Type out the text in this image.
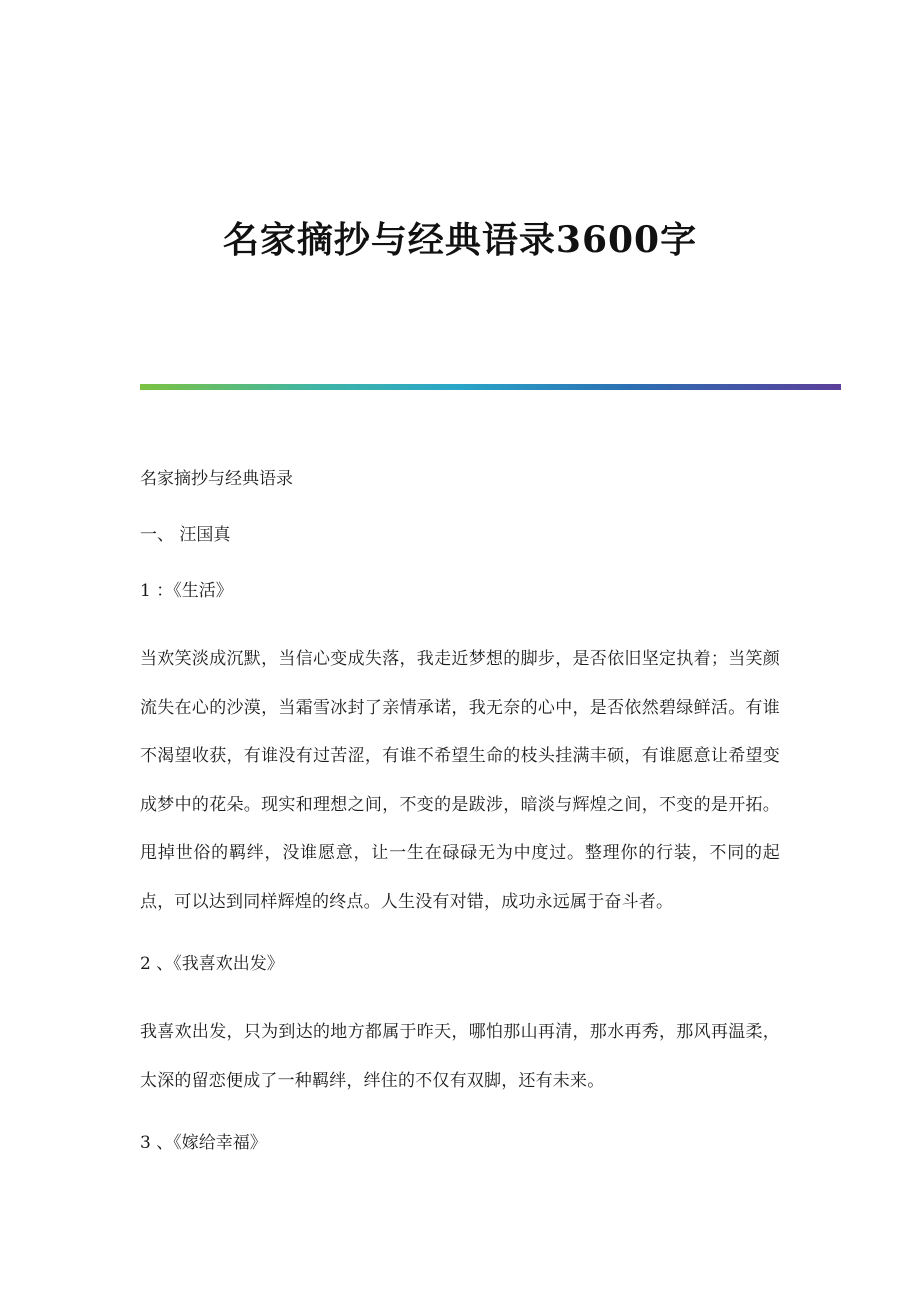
名家摘抄与经典语录3600字
名家摘抄与经典语录
一、 汪国真
1 ：《生活》

当欢笑淡成沉默，当信心变成失落，我走近梦想的脚步，是否依旧坚定执着；当笑颜流失在心的沙漠，当霜雪冰封了亲情承诺，我无奈的心中，是否依然碧绿鲜活。有谁不渴望收获，有谁没有过苦涩，有谁不希望生命的枝头挂满丰硕，有谁愿意让希望变成梦中的花朵。现实和理想之间，不变的是跋涉，暗淡与辉煌之间，不变的是开拓。甩掉世俗的羁绊，没谁愿意，让一生在碌碌无为中度过。整理你的行装，不同的起点，可以达到同样辉煌的终点。人生没有对错，成功永远属于奋斗者。

2 、《我喜欢出发》

我喜欢出发，只为到达的地方都属于昨天，哪怕那山再清，那水再秀，那风再温柔，太深的留恋便成了一种羁绊，绊住的不仅有双脚，还有未来。

3 、《嫁给幸福》
